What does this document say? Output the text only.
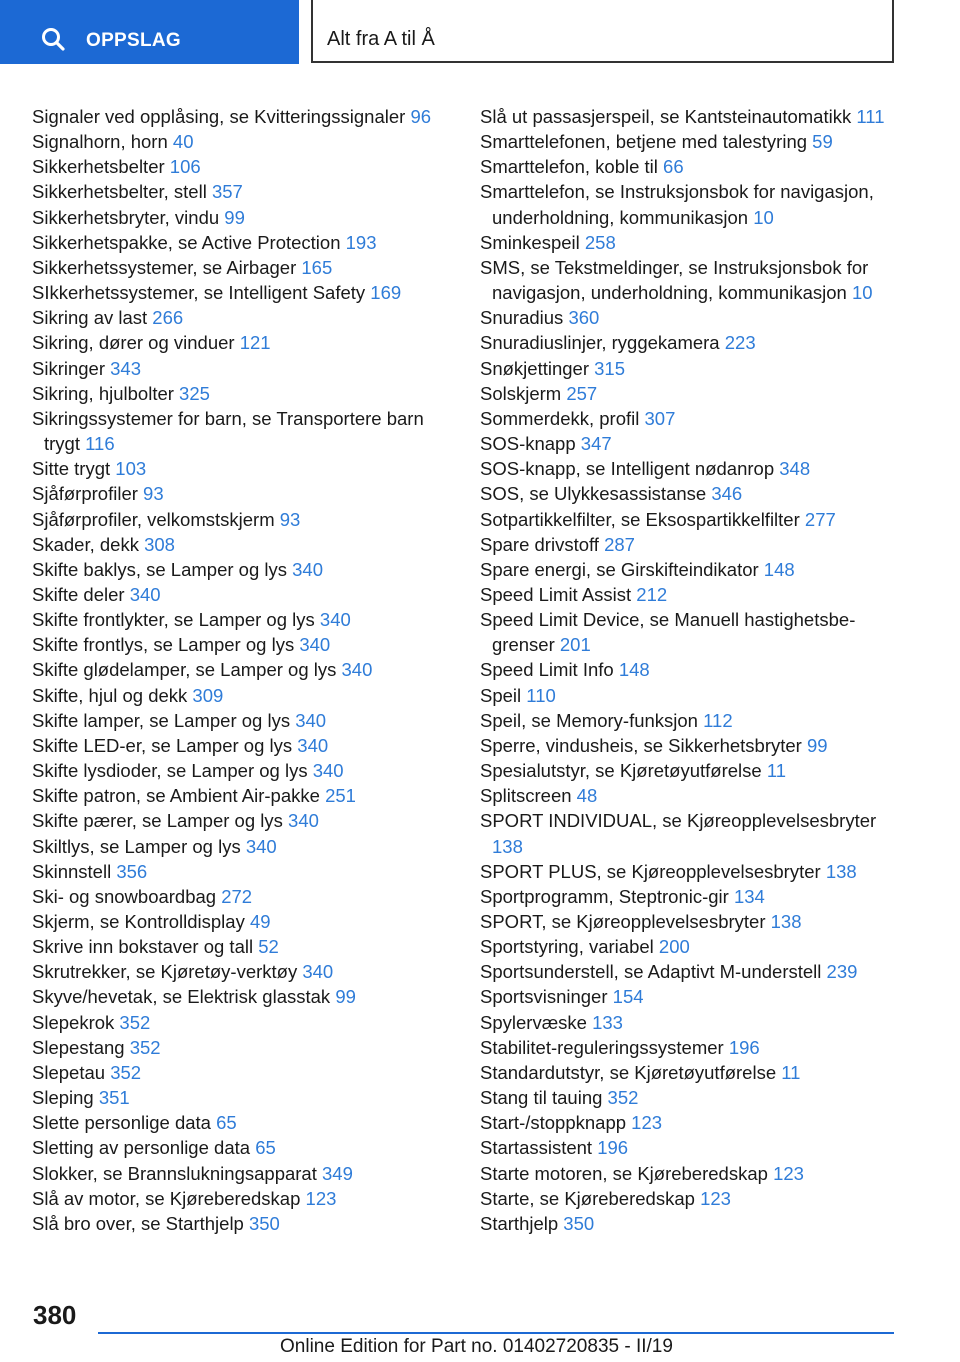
OPPSLAG	Alt fra A til Å
Signaler ved opplåsing, se Kvitteringssignaler 96
Signalhorn, horn 40
Sikkerhetsbelter 106
Sikkerhetsbelter, stell 357
Sikkerhetsbryter, vindu 99
Sikkerhetspakke, se Active Protection 193
Sikkerhetssystemer, se Airbager 165
SIkkerhetssystemer, se Intelligent Safety 169
Sikring av last 266
Sikring, dører og vinduer 121
Sikringer 343
Sikring, hjulbolter 325
Sikringssystemer for barn, se Transportere barn trygt 116
Sitte trygt 103
Sjåførprofiler 93
Sjåførprofiler, velkomstskjerm 93
Skader, dekk 308
Skifte baklys, se Lamper og lys 340
Skifte deler 340
Skifte frontlykter, se Lamper og lys 340
Skifte frontlys, se Lamper og lys 340
Skifte glødelamper, se Lamper og lys 340
Skifte, hjul og dekk 309
Skifte lamper, se Lamper og lys 340
Skifte LED-er, se Lamper og lys 340
Skifte lysdioder, se Lamper og lys 340
Skifte patron, se Ambient Air-pakke 251
Skifte pærer, se Lamper og lys 340
Skiltlys, se Lamper og lys 340
Skinnstell 356
Ski- og snowboardbag 272
Skjerm, se Kontrolldisplay 49
Skrive inn bokstaver og tall 52
Skrutrekker, se Kjøretøy-verktøy 340
Skyve/hevetak, se Elektrisk glasstak 99
Slepekrok 352
Slepestang 352
Slepetau 352
Sleping 351
Slette personlige data 65
Sletting av personlige data 65
Slokker, se Brannslukningsapparat 349
Slå av motor, se Kjøreberedskap 123
Slå bro over, se Starthjelp 350
Slå ut passasjerspeil, se Kantsteinautomatikk 111
Smarttelefonen, betjene med talestyring 59
Smarttelefon, koble til 66
Smarttelefon, se Instruksjonsbok for navigasjon, underholdning, kommunikasjon 10
Sminkespeil 258
SMS, se Tekstmeldinger, se Instruksjonsbok for navigasjon, underholdning, kommunikasjon 10
Snuradius 360
Snuradiuslinjer, ryggekamera 223
Snøkjettinger 315
Solskjerm 257
Sommerdekk, profil 307
SOS-knapp 347
SOS-knapp, se Intelligent nødanrop 348
SOS, se Ulykkesassistanse 346
Sotpartikkelfilter, se Eksospartikkelfilter 277
Spare drivstoff 287
Spare energi, se Girskifteindikator 148
Speed Limit Assist 212
Speed Limit Device, se Manuell hastighetsbegrenser 201
Speed Limit Info 148
Speil 110
Speil, se Memory-funksjon 112
Sperre, vindusheis, se Sikkerhetsbryter 99
Spesialutstyr, se Kjøretøyutførelse 11
Splitscreen 48
SPORT INDIVIDUAL, se Kjøreopplevelsesbryter 138
SPORT PLUS, se Kjøreopplevelsesbryter 138
Sportprogramm, Steptronic-gir 134
SPORT, se Kjøreopplevelsesbryter 138
Sportstyring, variabel 200
Sportsunderstell, se Adaptivt M-understell 239
Sportsvisninger 154
Spylervæske 133
Stabilitet-reguleringssystemer 196
Standardutstyr, se Kjøretøyutførelse 11
Stang til tauing 352
Start-/stoppknapp 123
Startassistent 196
Starte motoren, se Kjøreberedskap 123
Starte, se Kjøreberedskap 123
Starthjelp 350
380
Online Edition for Part no. 01402720835 - II/19
